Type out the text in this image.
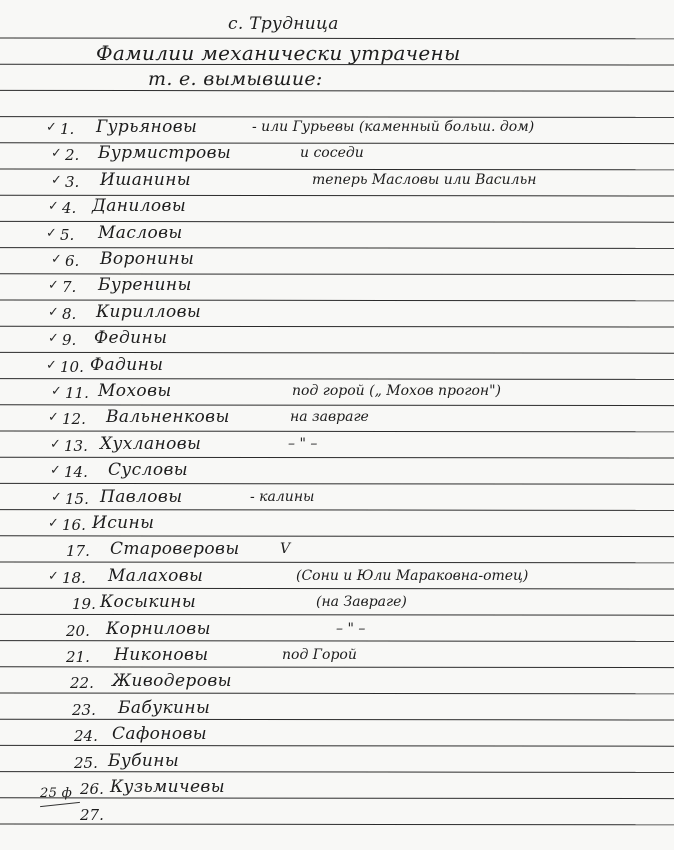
с. Трудница
Фамилии механически утрачены
т. е. вымывшие:
✓ 1. Гурьяновы	- или Гурьевы (каменный больш. дом)
✓ 2. Бурмистровы	и соседи
✓ 3. Ишанины	теперь Масловы или Васильн
✓ 4. Даниловы
✓ 5. Масловы
✓ 6. Воронины
✓ 7. Буренины
✓ 8. Кирилловы
✓ 9. Федины
✓ 10. Фадины
✓ 11. Моховы	под горой („ Мохов прогон")
✓ 12. Вальненковы	на заврагe
✓ 13. Хухлановы	– " –
✓ 14. Сусловы
✓ 15. Павловы	- калины
✓ 16. Исины
17. Староверовы	V
✓ 18. Малаховы	(Сони и Юли Мараковна-отец)
19. Косыкины	(на Заврагe)
20. Корниловы	– " –
21. Никоновы	под Горой
22. Живодеровы
23. Бабукины
24. Сафоновы
25. Бубины
26. Кузьмичевы
27.
25 ф
